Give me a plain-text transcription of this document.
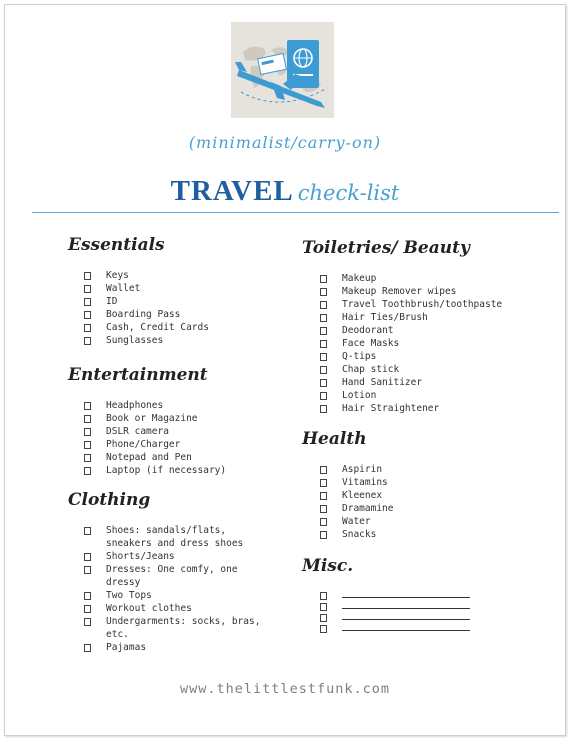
(minimalist/carry-on)
TRAVEL check-list
Essentials
Keys
Wallet
ID
Boarding Pass
Cash, Credit Cards
Sunglasses
Entertainment
Headphones
Book or Magazine
DSLR camera
Phone/Charger
Notepad and Pen
Laptop (if necessary)
Clothing
Shoes: sandals/flats,
sneakers and dress shoes
Shorts/Jeans
Dresses: One comfy, one
dressy
Two Tops
Workout clothes
Undergarments: socks, bras,
etc.
Pajamas
Toiletries/ Beauty
Makeup
Makeup Remover wipes
Travel Toothbrush/toothpaste
Hair Ties/Brush
Deodorant
Face Masks
Q-tips
Chap stick
Hand Sanitizer
Lotion
Hair Straightener
Health
Aspirin
Vitamins
Kleenex
Dramamine
Water
Snacks
Misc.
www.thelittlestfunk.com
